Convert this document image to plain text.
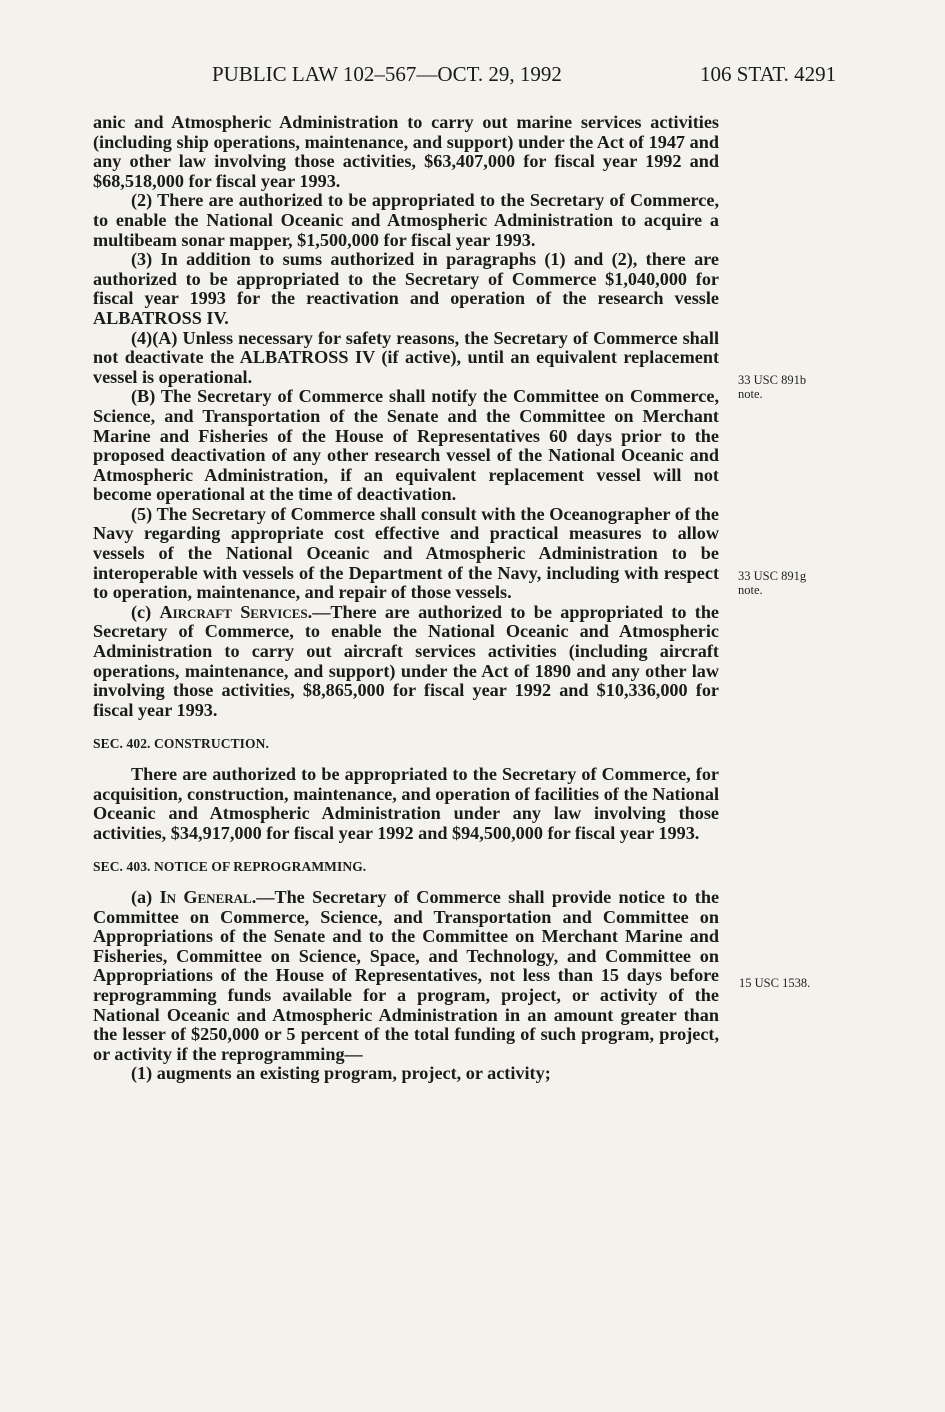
PUBLIC LAW 102–567—OCT. 29, 1992	106 STAT. 4291

anic and Atmospheric Administration to carry out marine services activities (including ship operations, maintenance, and support) under the Act of 1947 and any other law involving those activities, $63,407,000 for fiscal year 1992 and $68,518,000 for fiscal year 1993.

(2) There are authorized to be appropriated to the Secretary of Commerce, to enable the National Oceanic and Atmospheric Administration to acquire a multibeam sonar mapper, $1,500,000 for fiscal year 1993.

(3) In addition to sums authorized in paragraphs (1) and (2), there are authorized to be appropriated to the Secretary of Commerce $1,040,000 for fiscal year 1993 for the reactivation and operation of the research vessle ALBATROSS IV.

(4)(A) Unless necessary for safety reasons, the Secretary of Commerce shall not deactivate the ALBATROSS IV (if active), until an equivalent replacement vessel is operational.

(B) The Secretary of Commerce shall notify the Committee on Commerce, Science, and Transportation of the Senate and the Committee on Merchant Marine and Fisheries of the House of Representatives 60 days prior to the proposed deactivation of any other research vessel of the National Oceanic and Atmospheric Administration, if an equivalent replacement vessel will not become operational at the time of deactivation.

(5) The Secretary of Commerce shall consult with the Oceanographer of the Navy regarding appropriate cost effective and practical measures to allow vessels of the National Oceanic and Atmospheric Administration to be interoperable with vessels of the Department of the Navy, including with respect to operation, maintenance, and repair of those vessels.

(c) Aircraft Services.—There are authorized to be appropriated to the Secretary of Commerce, to enable the National Oceanic and Atmospheric Administration to carry out aircraft services activities (including aircraft operations, maintenance, and support) under the Act of 1890 and any other law involving those activities, $8,865,000 for fiscal year 1992 and $10,336,000 for fiscal year 1993.

SEC. 402. CONSTRUCTION.

There are authorized to be appropriated to the Secretary of Commerce, for acquisition, construction, maintenance, and operation of facilities of the National Oceanic and Atmospheric Administration under any law involving those activities, $34,917,000 for fiscal year 1992 and $94,500,000 for fiscal year 1993.

SEC. 403. NOTICE OF REPROGRAMMING.

(a) In General.—The Secretary of Commerce shall provide notice to the Committee on Commerce, Science, and Transportation and Committee on Appropriations of the Senate and to the Committee on Merchant Marine and Fisheries, Committee on Science, Space, and Technology, and Committee on Appropriations of the House of Representatives, not less than 15 days before reprogramming funds available for a program, project, or activity of the National Oceanic and Atmospheric Administration in an amount greater than the lesser of $250,000 or 5 percent of the total funding of such program, project, or activity if the reprogramming—

(1) augments an existing program, project, or activity;

33 USC 891b
note.
33 USC 891g
note.
15 USC 1538.
